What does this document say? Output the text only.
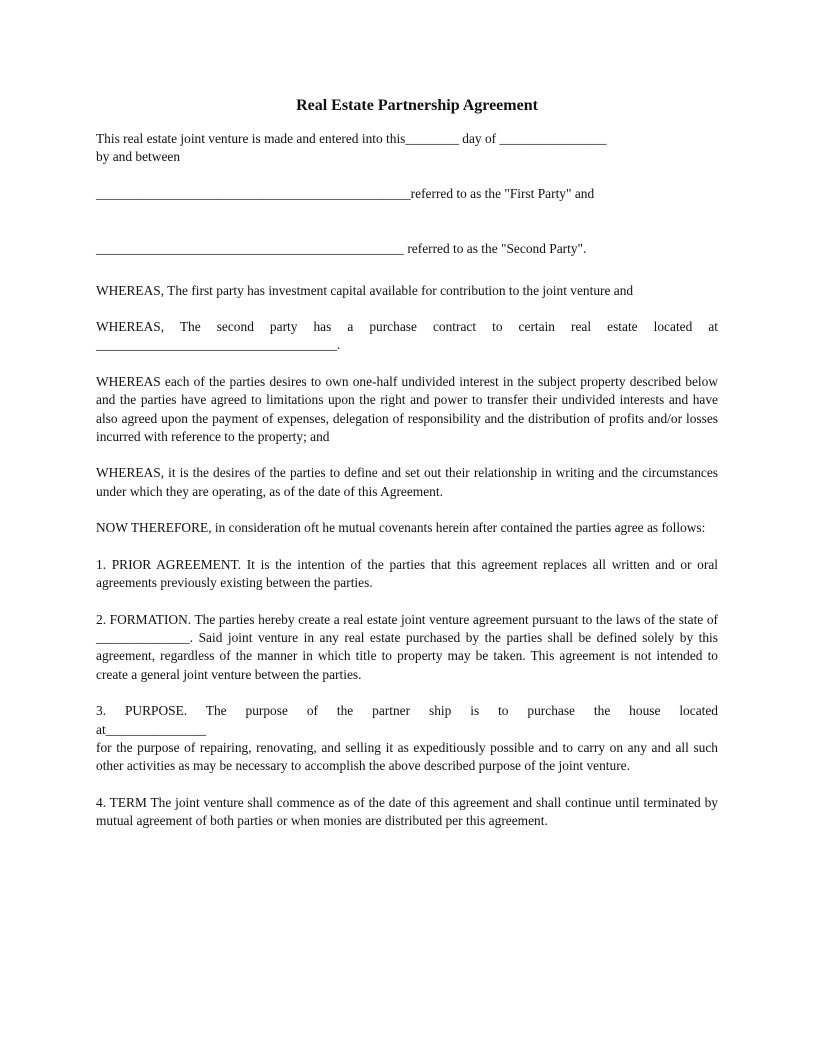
Real Estate Partnership Agreement

This real estate joint venture is made and entered into this________ day of ________________
by and between

_______________________________________________referred to as the "First Party" and
______________________________________________ referred to as the "Second Party".

WHEREAS, The first party has investment capital available for contribution to the joint venture and

WHEREAS, The second party has a purchase contract to certain real estate located at ____________________________________.

WHEREAS each of the parties desires to own one-half undivided interest in the subject property described below and the parties have agreed to limitations upon the right and power to transfer their undivided interests and have also agreed upon the payment of expenses, delegation of responsibility and the distribution of profits and/or losses incurred with reference to the property; and

WHEREAS, it is the desires of the parties to define and set out their relationship in writing and the circumstances under which they are operating, as of the date of this Agreement.

NOW THEREFORE, in consideration oft he mutual covenants herein after contained the parties agree as follows:

1. PRIOR AGREEMENT. It is the intention of the parties that this agreement replaces all written and or oral agreements previously existing between the parties.

2. FORMATION. The parties hereby create a real estate joint venture agreement pursuant to the laws of the state of ______________. Said joint venture in any real estate purchased by the parties shall be defined solely by this agreement, regardless of the manner in which title to property may be taken. This agreement is not intended to create a general joint venture between the parties.

3. PURPOSE. The purpose of the partner ship is to purchase the house located
at_______________
for the purpose of repairing, renovating, and selling it as expeditiously possible and to carry on any and all such other activities as may be necessary to accomplish the above described purpose of the joint venture.

4. TERM The joint venture shall commence as of the date of this agreement and shall continue until terminated by mutual agreement of both parties or when monies are distributed per this agreement.
